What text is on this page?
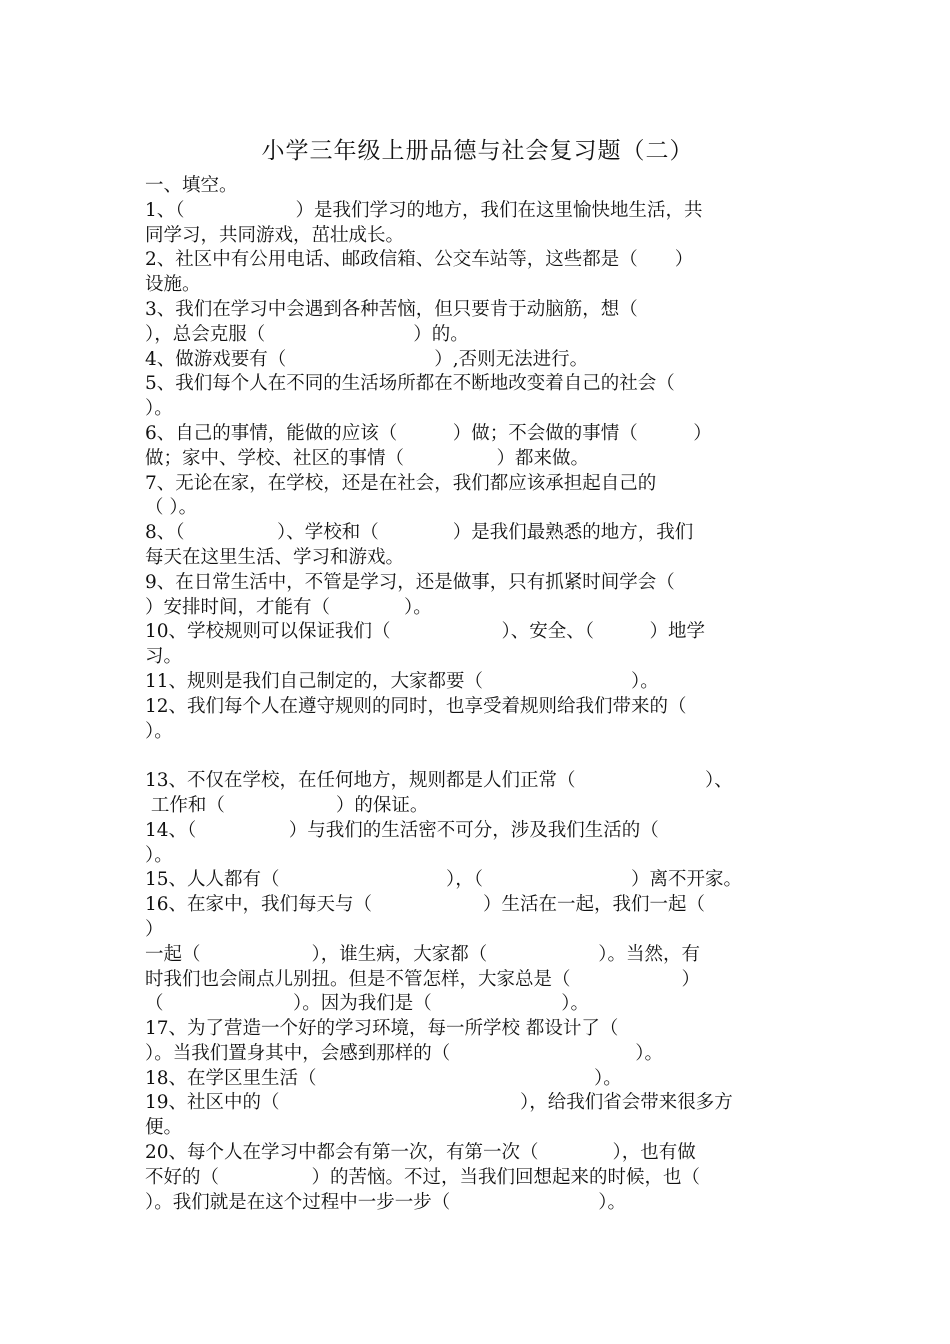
小学三年级上册品德与社会复习题（二）

一、填空。

1、（　　　　　　）是我们学习的地方，我们在这里愉快地生活，共

同学习，共同游戏，茁壮成长。

2、社区中有公用电话、邮政信箱、公交车站等，这些都是（　　）

设施。

3、我们在学习中会遇到各种苦恼，但只要肯于动脑筋，想（

），总会克服（　　　　　　　　）的。

4、做游戏要有（　　　　　　　　）,否则无法进行。

5、我们每个人在不同的生活场所都在不断地改变着自己的社会（

）。

6、自己的事情，能做的应该（　　　）做；不会做的事情（　　　）

做；家中、学校、社区的事情（　　　　　）都来做。

7、无论在家，在学校，还是在社会，我们都应该承担起自己的

（ ）。

8、（　　　　　）、学校和（　　　　）是我们最熟悉的地方，我们

每天在这里生活、学习和游戏。

9、在日常生活中，不管是学习，还是做事，只有抓紧时间学会（

）安排时间，才能有（　　　　）。

10、学校规则可以保证我们（　　　　　　）、安全、（　　　）地学

习。

11、规则是我们自己制定的，大家都要（　　　　　　　　）。

12、我们每个人在遵守规则的同时，也享受着规则给我们带来的（

）。

13、不仅在学校，在任何地方，规则都是人们正常（　　　　　　　）、

工作和（　　　　　　）的保证。

14、（　　　　　）与我们的生活密不可分，涉及我们生活的（

）。

15、人人都有（　　　　　　　　　），（　　　　　　　　）离不开家。

16、在家中，我们每天与（　　　　　　）生活在一起，我们一起（

）

一起（　　　　　　），谁生病，大家都（　　　　　　）。当然，有

时我们也会闹点儿别扭。但是不管怎样，大家总是（　　　　　　）

（　　　　　　　）。因为我们是（　　　　　　　）。

17、为了营造一个好的学习环境，每一所学校 都设计了（

）。当我们置身其中，会感到那样的（　　　　　　　　　　）。

18、在学区里生活（　　　　　　　　　　　　　　　）。

19、社区中的（　　　　　　　　　　　　　），给我们省会带来很多方

便。

20、每个人在学习中都会有第一次，有第一次（　　　　），也有做

不好的（　　　　　）的苦恼。不过，当我们回想起来的时候，也（

）。我们就是在这个过程中一步一步（　　　　　　　　）。
